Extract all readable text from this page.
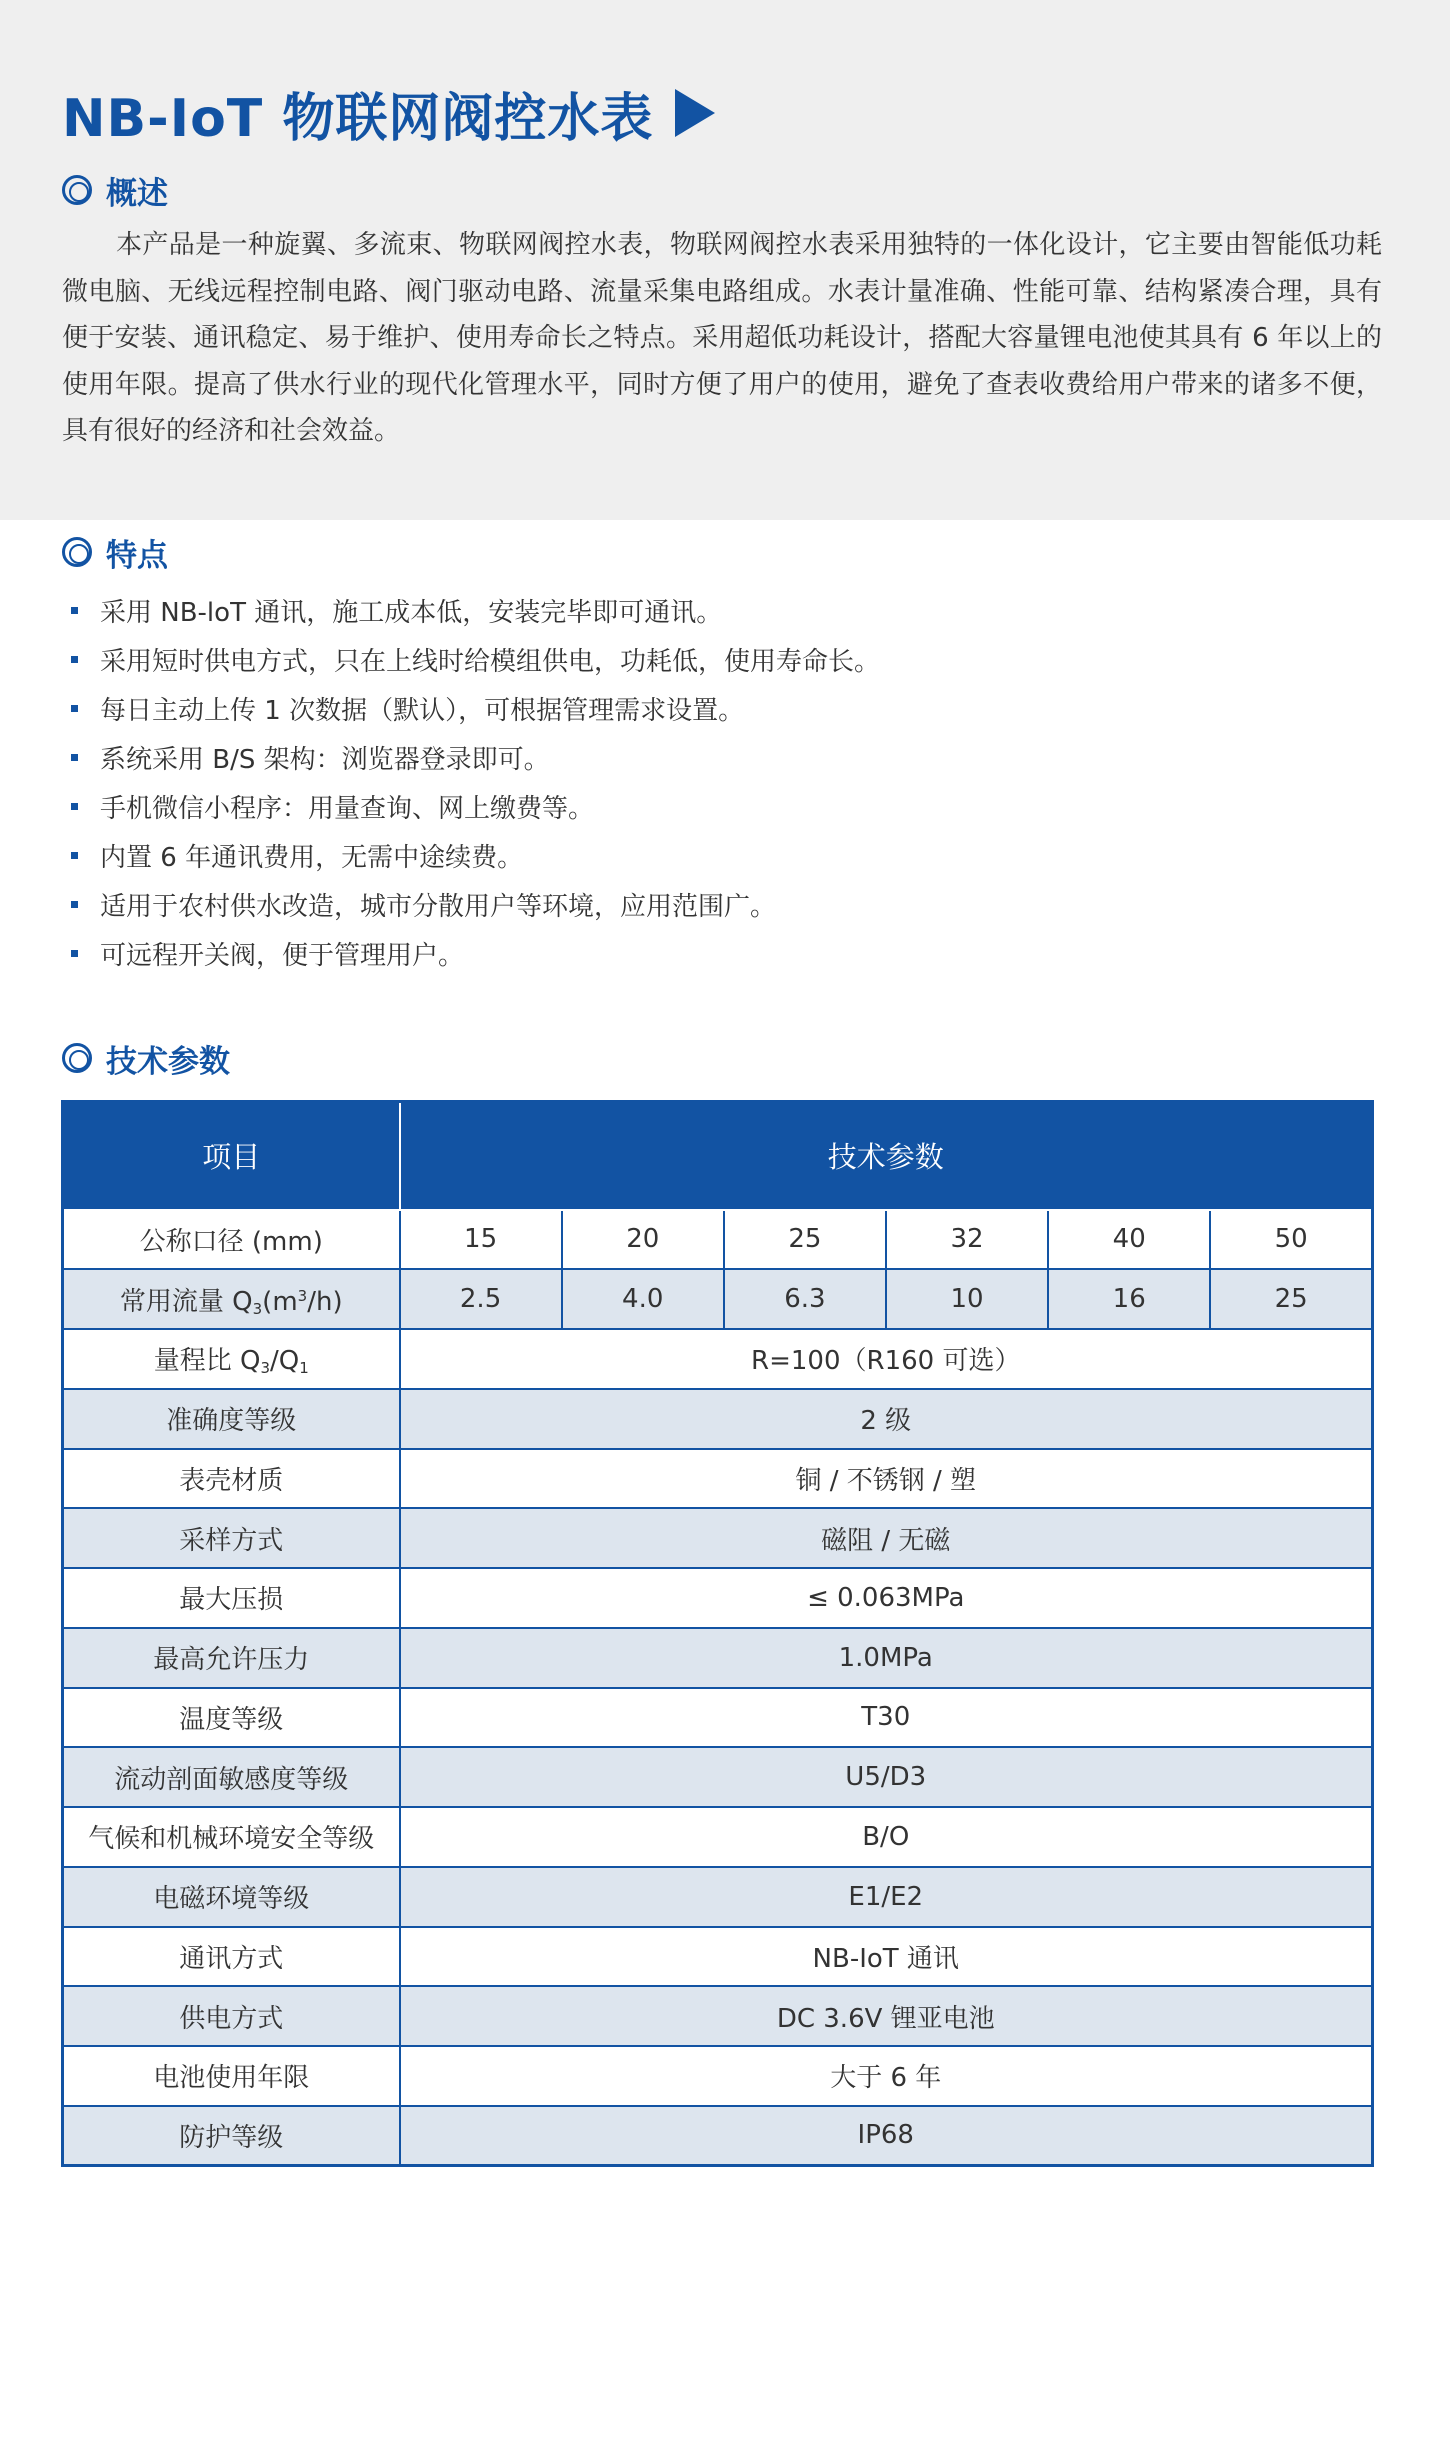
NB-IoT 物联网阀控水表
概述

本产品是一种旋翼、多流束、物联网阀控水表，物联网阀控水表采用独特的一体化设计，它主要由智能低功耗微电脑、无线远程控制电路、阀门驱动电路、流量采集电路组成。水表计量准确、性能可靠、结构紧凑合理，具有便于安装、通讯稳定、易于维护、使用寿命长之特点。采用超低功耗设计，搭配大容量锂电池使其具有 6 年以上的使用年限。提高了供水行业的现代化管理水平，同时方便了用户的使用，避免了查表收费给用户带来的诸多不便，具有很好的经济和社会效益。

特点
采用 NB-loT 通讯，施工成本低，安装完毕即可通讯。
采用短时供电方式，只在上线时给模组供电，功耗低，使用寿命长。
每日主动上传 1 次数据（默认），可根据管理需求设置。
系统采用 B/S 架构：浏览器登录即可。
手机微信小程序：用量查询、网上缴费等。
内置 6 年通讯费用，无需中途续费。
适用于农村供水改造，城市分散用户等环境，应用范围广。
可远程开关阀，便于管理用户。
技术参数
项目	技术参数					
公称口径 (mm)	15	20	25	32	40	50
常用流量 $Q_3(m^3/h)$	2.5	4.0	6.3	10	16	25
量程比 $Q_3/Q_1$	R=100（R160 可选）					
准确度等级	2 级					
表壳材质	铜 / 不锈钢 / 塑					
采样方式	磁阻 / 无磁					
最大压损	≤ 0.063MPa					
最高允许压力	1.0MPa					
温度等级	T30					
流动剖面敏感度等级	U5/D3					
气候和机械环境安全等级	B/O					
电磁环境等级	E1/E2					
通讯方式	NB-IoT 通讯					
供电方式	DC 3.6V 锂亚电池					
电池使用年限	大于 6 年					
防护等级	IP68					
